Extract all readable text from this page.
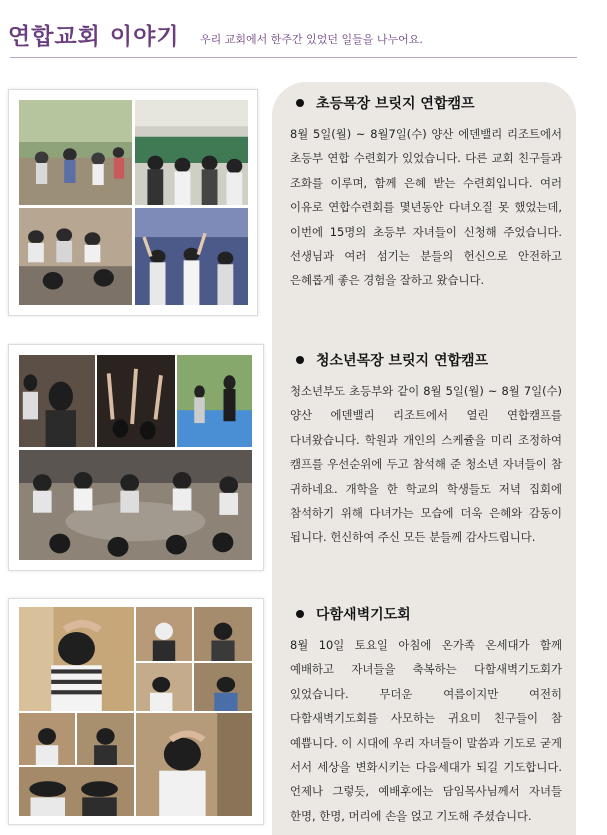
연합교회 이야기 우리 교회에서 한주간 있었던 일들을 나누어요.
초등목장 브릿지 연합캠프
8월 5일(월) ~ 8월7일(수) 양산 에덴밸리 리조트에서 초등부 연합 수련회가 있었습니다. 다른 교회 친구들과 조화를 이루며, 함께 은혜 받는 수련회입니다. 여러 이유로 연합수련회를 몇년동안 다녀오질 못 했었는데, 이번에 15명의 초등부 자녀들이 신청해 주었습니다. 선생님과 여러 섬기는 분들의 헌신으로 안전하고 은혜롭게 좋은 경험을 잘하고 왔습니다.
청소년목장 브릿지 연합캠프
청소년부도 초등부와 같이 8월 5일(월) ~ 8월 7일(수) 양산 에덴밸리 리조트에서 열린 연합캠프를 다녀왔습니다. 학원과 개인의 스케쥴을 미리 조정하여 캠프를 우선순위에 두고 참석해 준 청소년 자녀들이 참 귀하네요. 개학을 한 학교의 학생들도 저녁 집회에 참석하기 위해 다녀가는 모습에 더욱 은혜와 감동이 됩니다. 헌신하여 주신 모든 분들께 감사드립니다.
다함새벽기도회
8월 10일 토요일 아침에 온가족 온세대가 함께 예배하고 자녀들을 축복하는 다함새벽기도회가 있었습니다. 무더운 여름이지만 여전히 다함새벽기도회를 사모하는 귀요미 친구들이 참 예쁩니다. 이 시대에 우리 자녀들이 말씀과 기도로 굳게 서서 세상을 변화시키는 다음세대가 되길 기도합니다. 언제나 그렇듯, 예배후에는 담임목사님께서 자녀들 한명, 한명, 머리에 손을 얹고 기도해 주셨습니다.
